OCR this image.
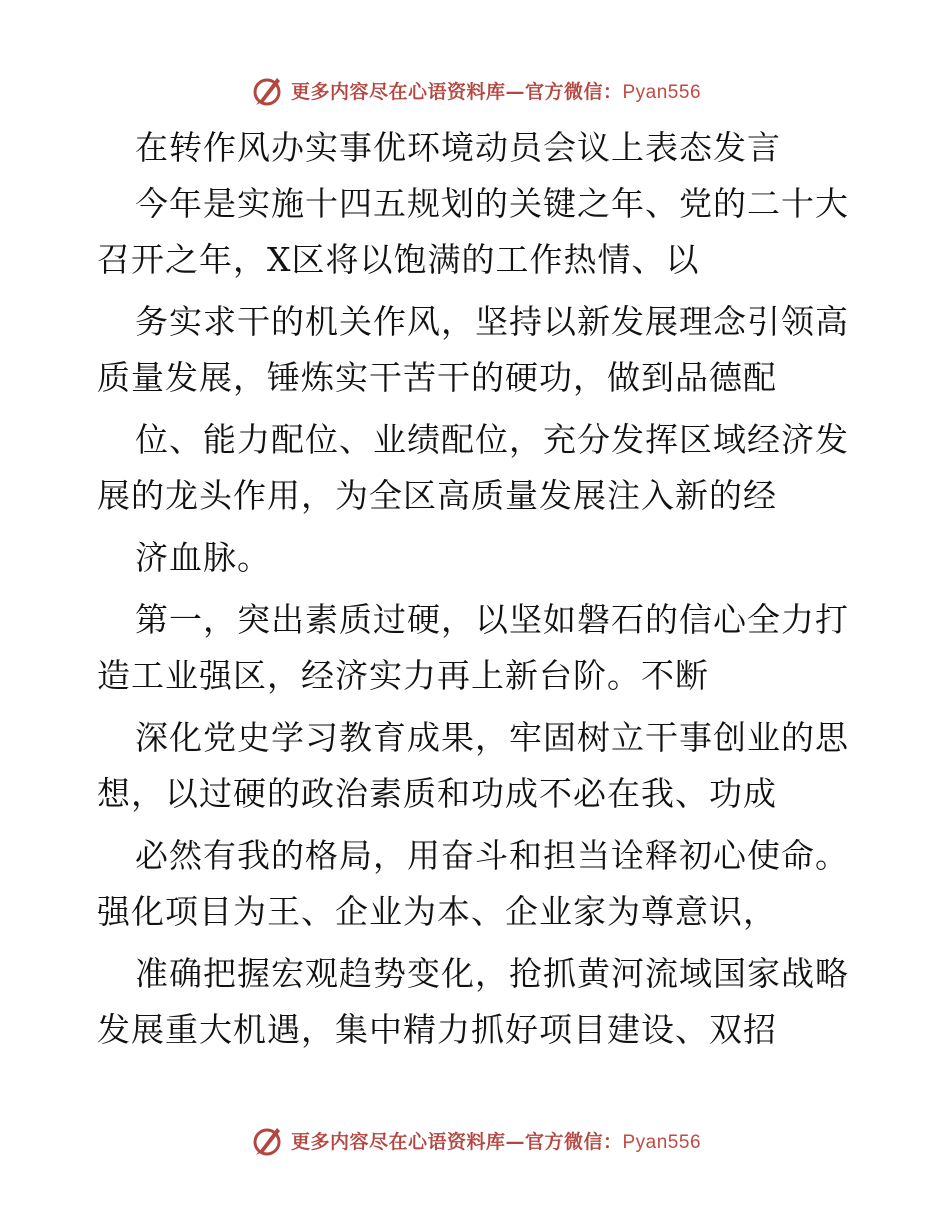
更多内容尽在心语资料库—官方微信：Pyan556
在转作风办实事优环境动员会议上表态发言
今年是实施十四五规划的关键之年、党的二十大
召开之年，X区将以饱满的工作热情、以
务实求干的机关作风，坚持以新发展理念引领高
质量发展，锤炼实干苦干的硬功，做到品德配
位、能力配位、业绩配位，充分发挥区域经济发
展的龙头作用，为全区高质量发展注入新的经
济血脉。
第一，突出素质过硬，以坚如磐石的信心全力打
造工业强区，经济实力再上新台阶。不断
深化党史学习教育成果，牢固树立干事创业的思
想，以过硬的政治素质和功成不必在我、功成
必然有我的格局，用奋斗和担当诠释初心使命。
强化项目为王、企业为本、企业家为尊意识，
准确把握宏观趋势变化，抢抓黄河流域国家战略
发展重大机遇，集中精力抓好项目建设、双招
更多内容尽在心语资料库—官方微信：Pyan556
